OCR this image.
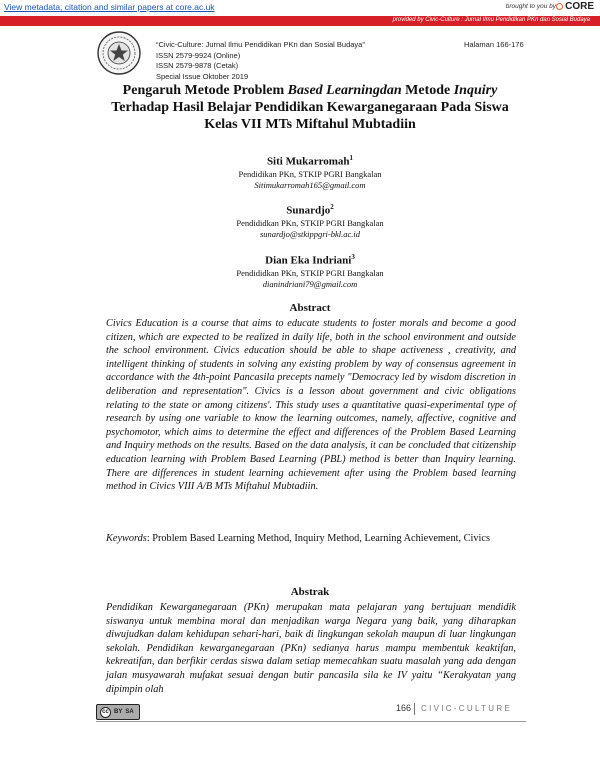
View metadata, citation and similar papers at core.ac.uk	brought to you by CORE
provided by Civic-Culture : Jurnal Ilmu Pendidikan PKn dan Sosial Budaya
“Civic-Culture: Jurnal Ilmu Pendidikan PKn dan Sosial Budaya”
ISSN 2579-9924 (Online)
ISSN 2579-9878 (Cetak)
Special Issue Oktober 2019
Halaman 166-176
Pengaruh Metode Problem Based Learningdan Metode Inquiry Terhadap Hasil Belajar Pendidikan Kewarganegaraan Pada Siswa Kelas VII MTs Miftahul Mubtadiin
Siti Mukarromah$^1$
Pendidikan PKn, STKIP PGRI Bangkalan
Sitimukarromah165@gmail.com
Sunardjo$^2$
Pendididkan PKn, STKIP PGRI Bangkalan
sunardjo@stkippgri-bkl.ac.id
Dian Eka Indriani$^3$
Pendididkan PKn, STKIP PGRI Bangkalan
dianindriani79@gmail.com
Abstract
Civics Education is a course that aims to educate students to foster morals and become a good citizen, which are expected to be realized in daily life, both in the school environment and outside the school environment. Civics education should be able to shape activeness , creativity, and intelligent thinking of students in solving any existing problem by way of consensus agreement in accordance with the 4th-point Pancasila precepts namely "Democracy led by wisdom discretion in deliberation and representation". Civics is a lesson about government and civic obligations relating to the state or among citizens'. This study uses a quantitative quasi-experimental type of research by using one variable to know the learning outcomes, namely, affective, cognitive and psychomotor, which aims to determine the effect and differences of the Problem Based Learning and Inquiry methods on the results. Based on the data analysis, it can be concluded that citizenship education learning with Problem Based Learning (PBL) method is better than Inquiry learning. There are differences in student learning achievement after using the Problem based learning method in Civics VIII A/B MTs Miftahul Mubtadiin.
Keywords: Problem Based Learning Method, Inquiry Method, Learning Achievement, Civics
Abstrak
Pendidikan Kewarganegaraan (PKn) merupakan mata pelajaran yang bertujuan mendidik siswanya untuk membina moral dan menjadikan warga Negara yang baik, yang diharapkan diwujudkan dalam kehidupan sehari-hari, baik di lingkungan sekolah maupun di luar lingkungan sekolah. Pendidikan kewarganegaraan (PKn) sedianya harus mampu membentuk keaktifan, kekreatifan, dan berfikir cerdas siswa dalam setiap memecahkan suatu masalah yang ada dengan jalan musyawarah mufakat sesuai dengan butir pancasila sila ke IV yaitu “Kerakyatan yang dipimpin olah
cc BY SA	166 CIVIC-CULTURE
